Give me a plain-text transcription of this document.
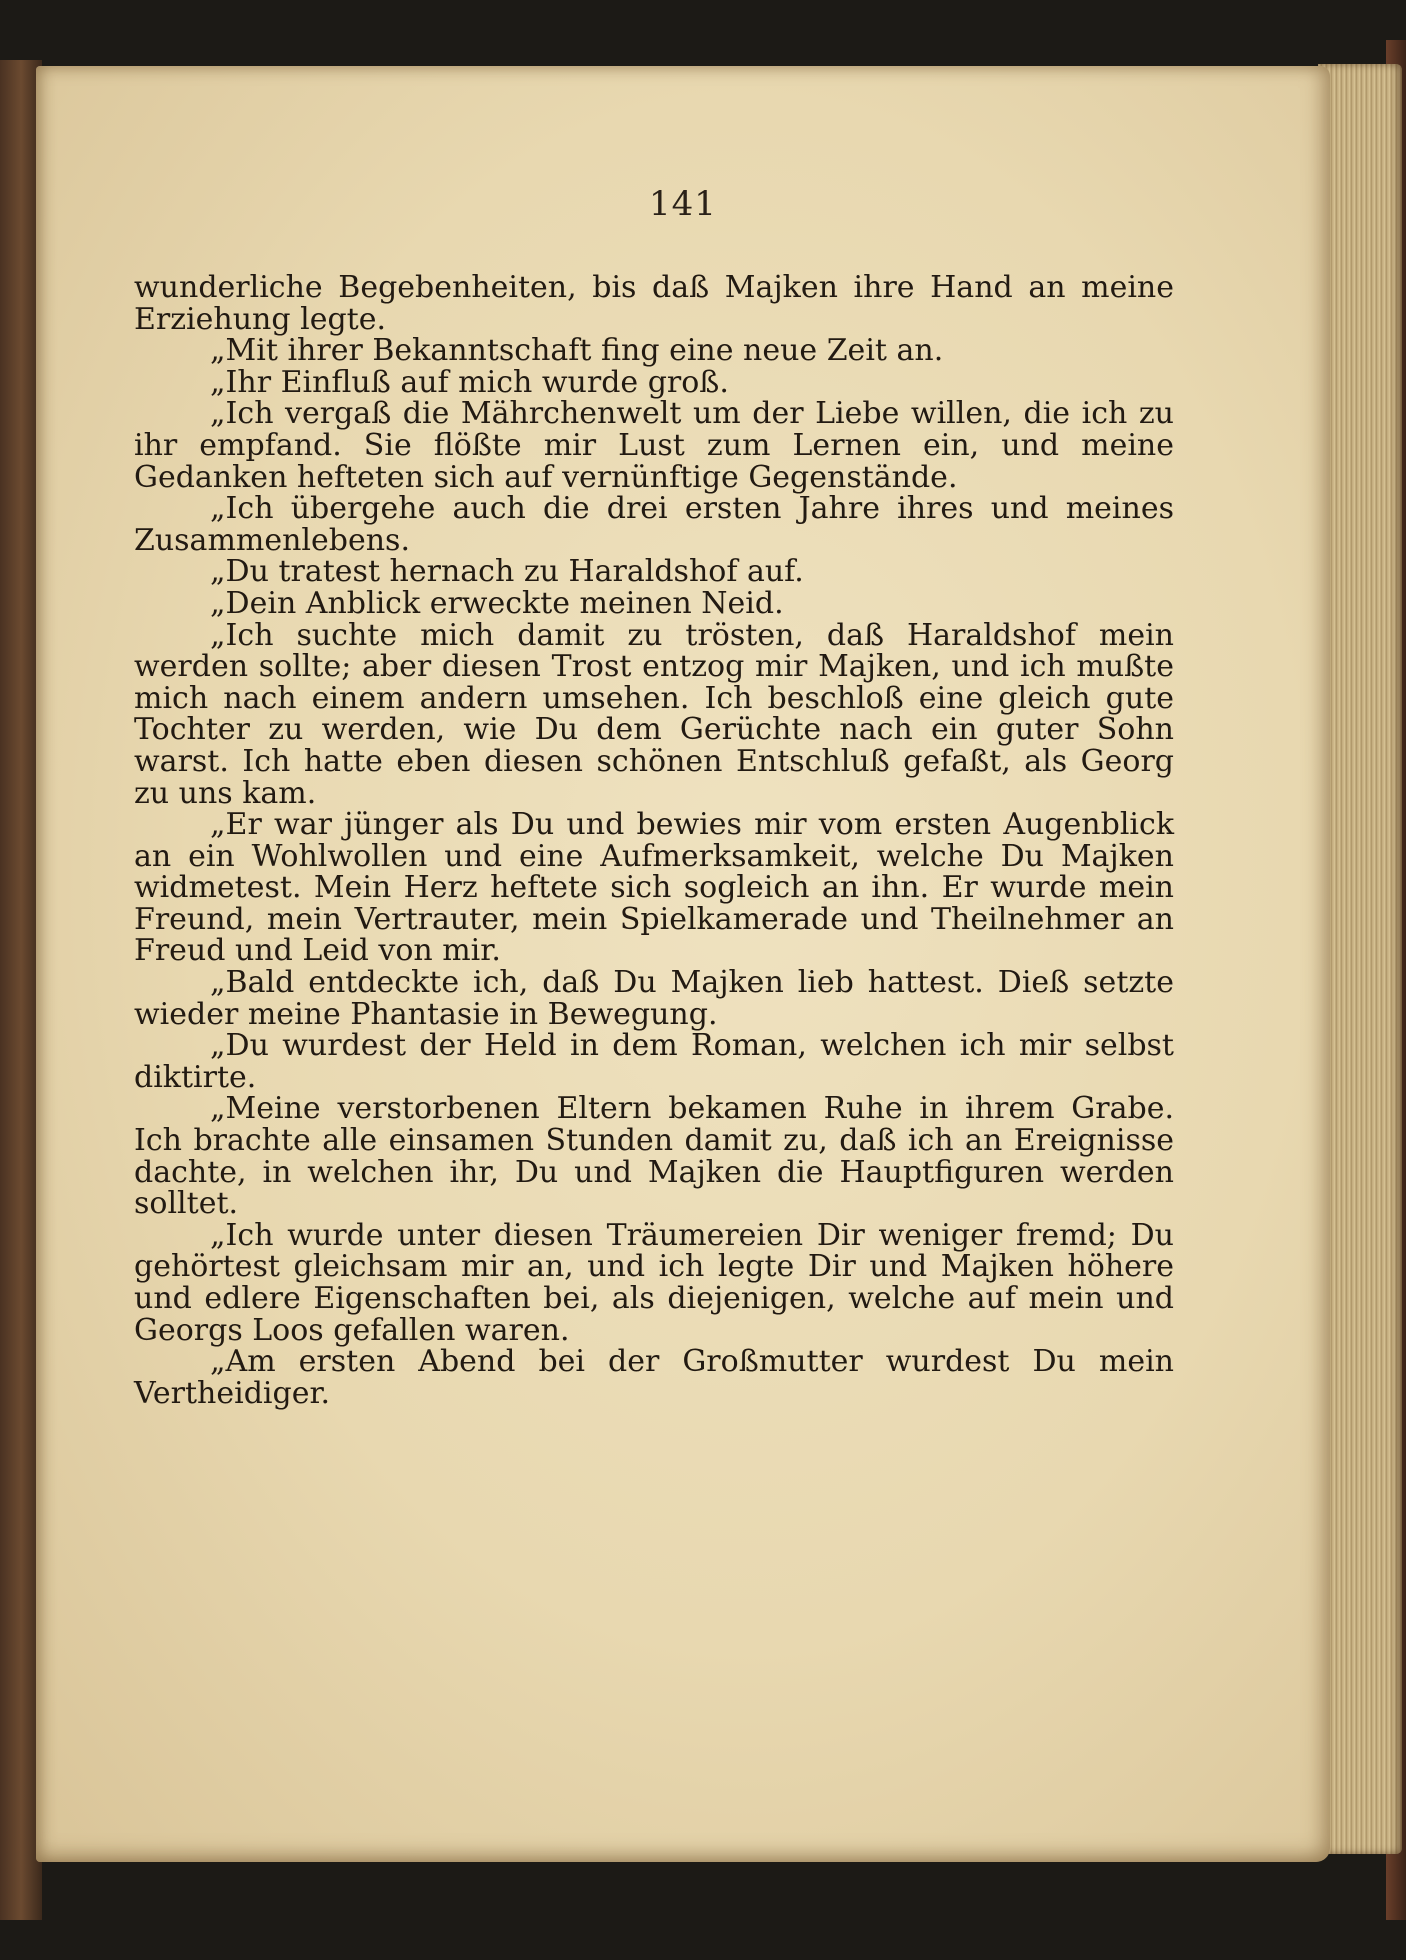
141

wunderliche Begebenheiten, bis daß Majken ihre Hand an meine Erziehung legte.

„Mit ihrer Bekanntschaft fing eine neue Zeit an.

„Ihr Einfluß auf mich wurde groß.

„Ich vergaß die Mährchenwelt um der Liebe willen, die ich zu ihr empfand. Sie flößte mir Lust zum Lernen ein, und meine Gedanken hefteten sich auf vernünftige Gegenstände.

„Ich übergehe auch die drei ersten Jahre ihres und meines Zusammenlebens.

„Du tratest hernach zu Haraldshof auf.

„Dein Anblick erweckte meinen Neid.

„Ich suchte mich damit zu trösten, daß Haraldshof mein werden sollte; aber diesen Trost entzog mir Majken, und ich mußte mich nach einem andern umsehen. Ich beschloß eine gleich gute Tochter zu werden, wie Du dem Gerüchte nach ein guter Sohn warst. Ich hatte eben diesen schönen Entschluß gefaßt, als Georg zu uns kam.

„Er war jünger als Du und bewies mir vom ersten Augenblick an ein Wohlwollen und eine Aufmerksamkeit, welche Du Majken widmetest. Mein Herz heftete sich sogleich an ihn. Er wurde mein Freund, mein Vertrauter, mein Spielkamerade und Theilnehmer an Freud und Leid von mir.

„Bald entdeckte ich, daß Du Majken lieb hattest. Dieß setzte wieder meine Phantasie in Bewegung.

„Du wurdest der Held in dem Roman, welchen ich mir selbst diktirte.

„Meine verstorbenen Eltern bekamen Ruhe in ihrem Grabe. Ich brachte alle einsamen Stunden damit zu, daß ich an Ereignisse dachte, in welchen ihr, Du und Majken die Hauptfiguren werden solltet.

„Ich wurde unter diesen Träumereien Dir weniger fremd; Du gehörtest gleichsam mir an, und ich legte Dir und Majken höhere und edlere Eigenschaften bei, als diejenigen, welche auf mein und Georgs Loos gefallen waren.

„Am ersten Abend bei der Großmutter wurdest Du mein Vertheidiger.
